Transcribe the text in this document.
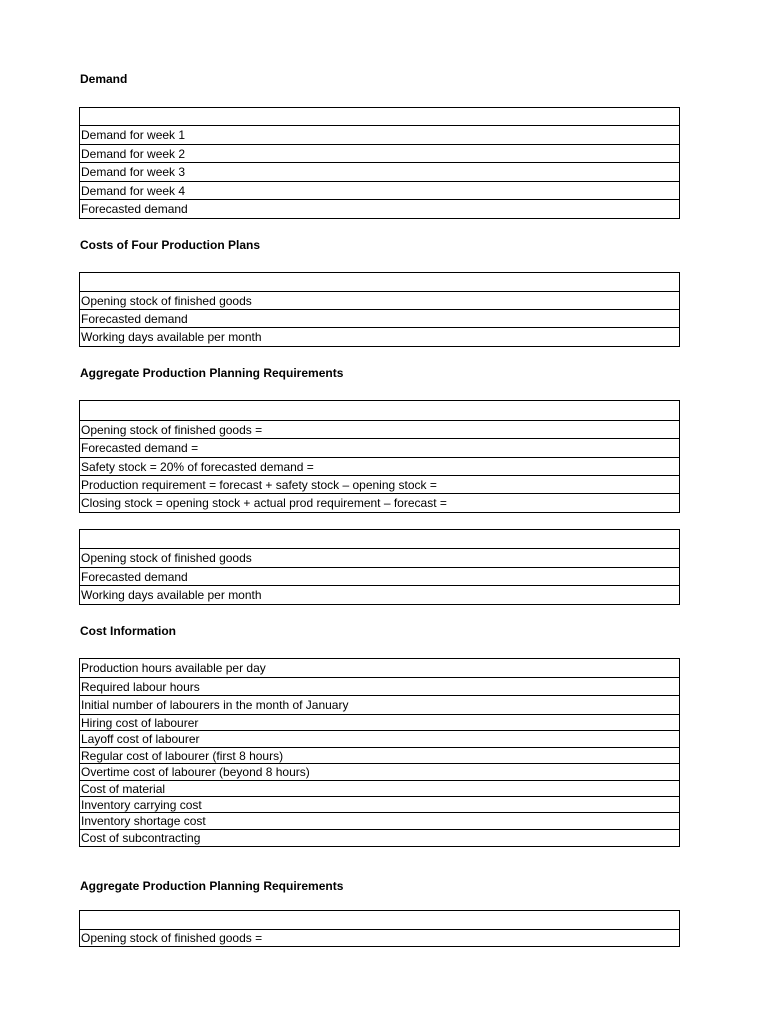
Demand
Demand for week 1
Demand for week 2
Demand for week 3
Demand for week 4
Forecasted demand
Costs of Four Production Plans
Opening stock of finished goods
Forecasted demand
Working days available per month
Aggregate Production Planning Requirements
Opening stock of finished goods =
Forecasted demand =
Safety stock = 20% of forecasted demand =
Production requirement = forecast + safety stock – opening stock =
Closing stock = opening stock + actual prod requirement – forecast =
Opening stock of finished goods
Forecasted demand
Working days available per month
Cost Information
Production hours available per day
Required labour hours
Initial number of labourers in the month of January
Hiring cost of labourer
Layoff cost of labourer
Regular cost of labourer (first 8 hours)
Overtime cost of labourer (beyond 8 hours)
Cost of material
Inventory carrying cost
Inventory shortage cost
Cost of subcontracting
Aggregate Production Planning Requirements
Opening stock of finished goods =
